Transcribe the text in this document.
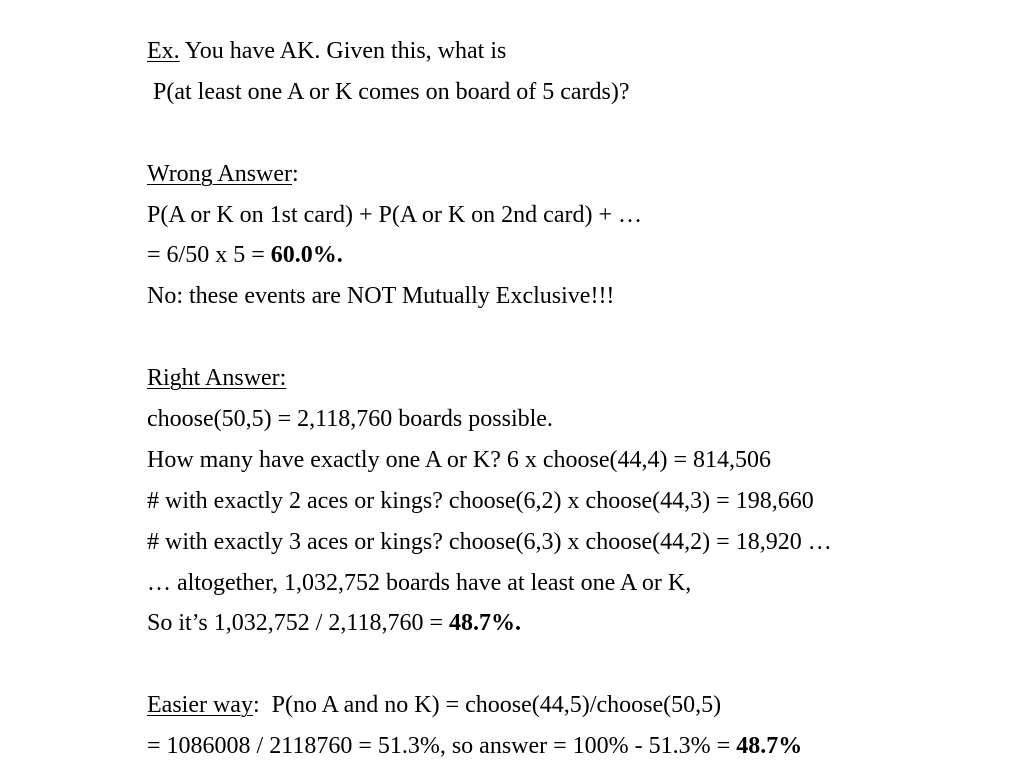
Ex. You have AK. Given this, what is
P(at least one A or K comes on board of 5 cards)?
Wrong Answer:
P(A or K on 1st card) + P(A or K on 2nd card) + …
= 6/50 x 5 = 60.0%.
No: these events are NOT Mutually Exclusive!!!
Right Answer:
choose(50,5) = 2,118,760 boards possible.
How many have exactly one A or K? 6 x choose(44,4) = 814,506
# with exactly 2 aces or kings? choose(6,2) x choose(44,3) = 198,660
# with exactly 3 aces or kings? choose(6,3) x choose(44,2) = 18,920 …
… altogether, 1,032,752 boards have at least one A or K,
So it’s 1,032,752 / 2,118,760 = 48.7%.
Easier way:  P(no A and no K) = choose(44,5)/choose(50,5)
= 1086008 / 2118760 = 51.3%, so answer = 100% - 51.3% = 48.7%
